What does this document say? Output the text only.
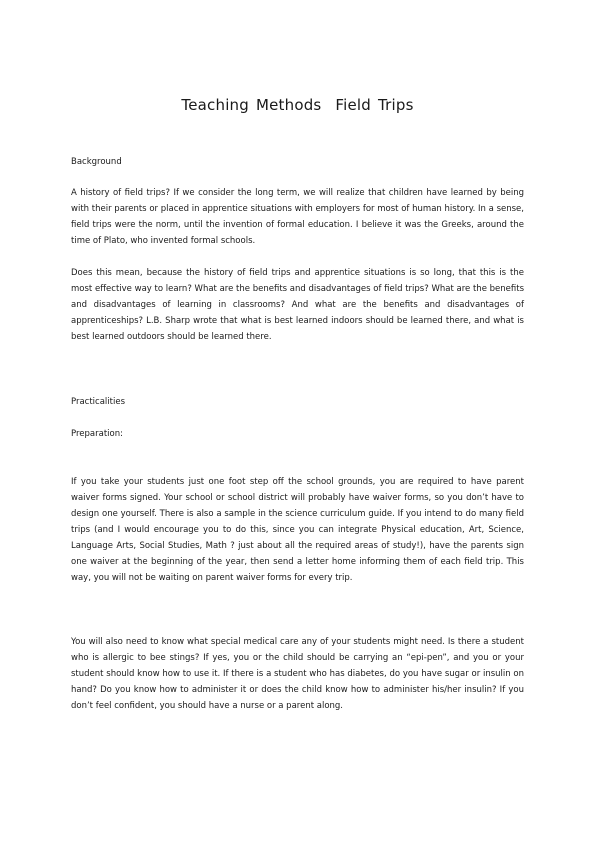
Teaching Methods  Field Trips
Background

A history of field trips? If we consider the long term, we will realize that children have learned by being with their parents or placed in apprentice situations with employers for most of human history. In a sense, field trips were the norm, until the invention of formal education. I believe it was the Greeks, around the time of Plato, who invented formal schools.

Does this mean, because the history of field trips and apprentice situations is so long, that this is the most effective way to learn? What are the benefits and disadvantages of field trips? What are the benefits and disadvantages of learning in classrooms? And what are the benefits and disadvantages of apprenticeships? L.B. Sharp wrote that what is best learned indoors should be learned there, and what is best learned outdoors should be learned there.

Practicalities
Preparation:

If you take your students just one foot step off the school grounds, you are required to have parent waiver forms signed. Your school or school district will probably have waiver forms, so you don’t have to design one yourself. There is also a sample in the science curriculum guide. If you intend to do many field trips (and I would encourage you to do this, since you can integrate Physical education, Art, Science, Language Arts, Social Studies, Math ? just about all the required areas of study!), have the parents sign one waiver at the beginning of the year, then send a letter home informing them of each field trip. This way, you will not be waiting on parent waiver forms for every trip.

You will also need to know what special medical care any of your students might need. Is there a student who is allergic to bee stings? If yes, you or the child should be carrying an “epi-pen”, and you or your student should know how to use it. If there is a student who has diabetes, do you have sugar or insulin on hand? Do you know how to administer it or does the child know how to administer his/her insulin? If you don’t feel confident, you should have a nurse or a parent along.
